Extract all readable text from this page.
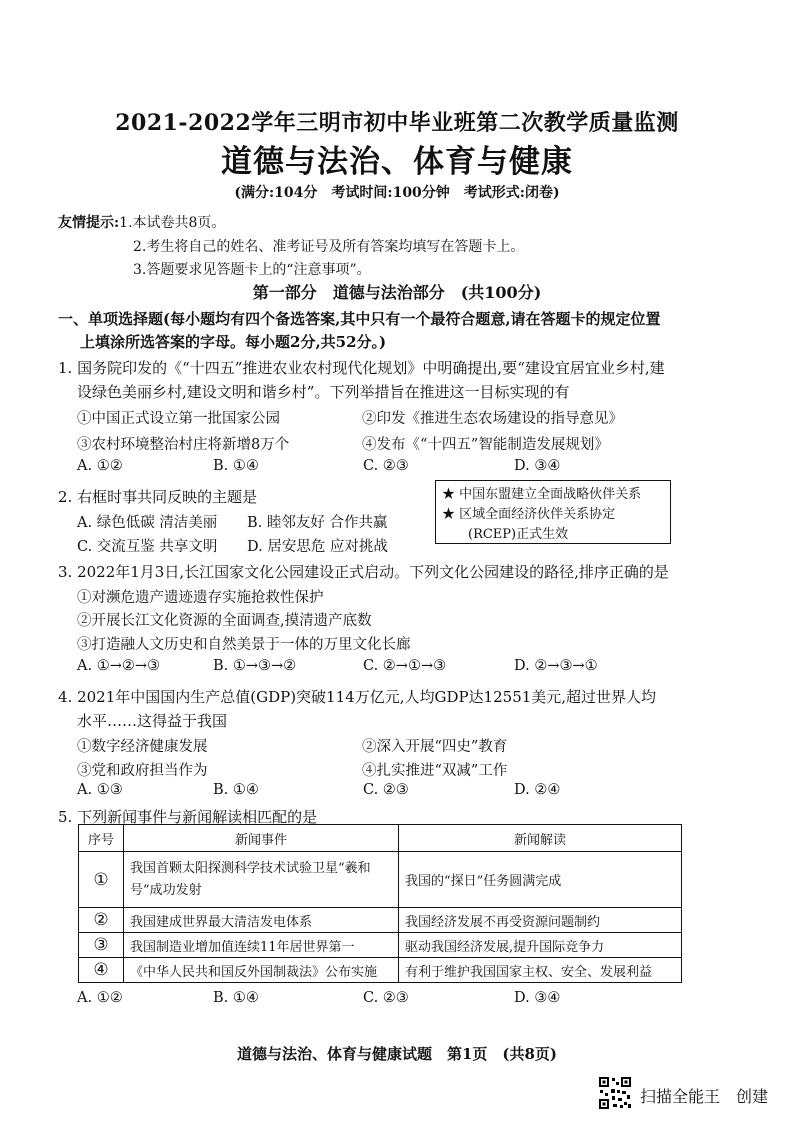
2021-2022学年三明市初中毕业班第二次教学质量监测
道德与法治、体育与健康
(满分:104分　考试时间:100分钟　考试形式:闭卷)
友情提示:1.本试卷共8页。
2.考生将自己的姓名、准考证号及所有答案均填写在答题卡上。
3.答题要求见答题卡上的“注意事项”。
第一部分　道德与法治部分　(共100分)
一、单项选择题(每小题均有四个备选答案,其中只有一个最符合题意,请在答题卡的规定位置
上填涂所选答案的字母。每小题2分,共52分。)
1. 国务院印发的《“十四五”推进农业农村现代化规划》中明确提出,要“建设宜居宜业乡村,建
设绿色美丽乡村,建设文明和谐乡村”。下列举措旨在推进这一目标实现的有
①中国正式设立第一批国家公园	②印发《推进生态农场建设的指导意见》
③农村环境整治村庄将新增8万个	④发布《“十四五”智能制造发展规划》
A. ①②	B. ①④	C. ②③	D. ③④
2. 右框时事共同反映的主题是
A. 绿色低碳 清洁美丽 B. 睦邻友好 合作共赢
C. 交流互鉴 共享文明 D. 居安思危 应对挑战
★ 中国东盟建立全面战略伙伴关系
★ 区域全面经济伙伴关系协定
(RCEP)正式生效
3. 2022年1月3日,长江国家文化公园建设正式启动。下列文化公园建设的路径,排序正确的是
①对濒危遗产遗迹遗存实施抢救性保护
②开展长江文化资源的全面调查,摸清遗产底数
③打造融人文历史和自然美景于一体的万里文化长廊
A. ①→②→③	B. ①→③→②	C. ②→①→③	D. ②→③→①
4. 2021年中国国内生产总值(GDP)突破114万亿元,人均GDP达12551美元,超过世界人均
水平……这得益于我国
①数字经济健康发展	②深入开展“四史”教育
③党和政府担当作为	④扎实推进“双减”工作
A. ①③	B. ①④	C. ②③	D. ②④
5. 下列新闻事件与新闻解读相匹配的是
序号	新闻事件	新闻解读
①	我国首颗太阳探测科学技术试验卫星“羲和号”成功发射	我国的“探日”任务圆满完成
②	我国建成世界最大清洁发电体系	我国经济发展不再受资源问题制约
③	我国制造业增加值连续11年居世界第一	驱动我国经济发展,提升国际竞争力
④	《中华人民共和国反外国制裁法》公布实施	有利于维护我国国家主权、安全、发展利益
A. ①②	B. ①④	C. ②③	D. ③④
道德与法治、体育与健康试题　第1页　(共8页)
扫描全能王　创建
